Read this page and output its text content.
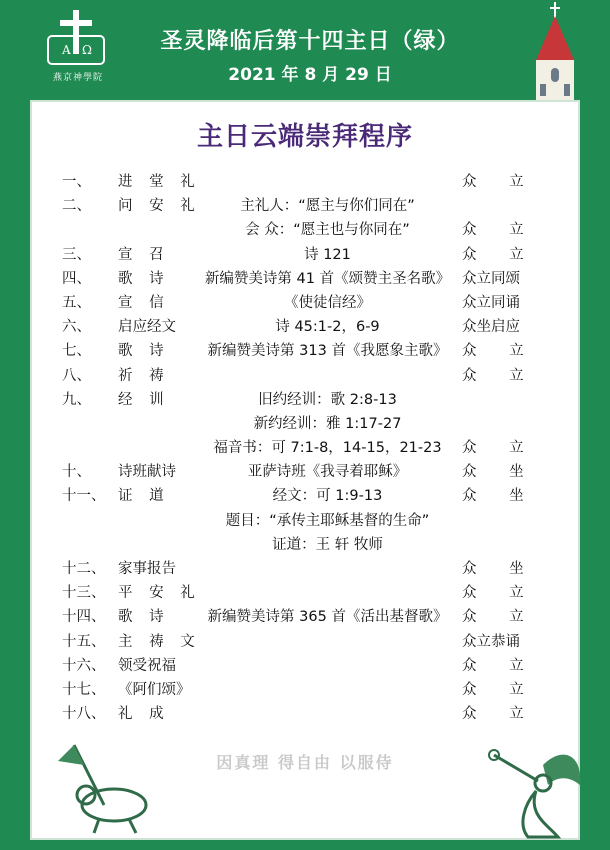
A Ω
燕京神學院
圣灵降临后第十四主日（绿）
2021 年 8 月 29 日
主日云端崇拜程序
一、 进 堂 礼	众 立
二、 问 安 礼	主礼人：“愿主与你们同在”
会 众：“愿主也与你同在”	众 立
三、 宣 召	诗 121	众 立
四、 歌 诗	新编赞美诗第 41 首《颂赞主圣名歌》 众立同颂
五、 宣 信	《使徒信经》	众立同诵
六、 启应经文	诗 45:1-2，6-9	众坐启应
七、 歌 诗	新编赞美诗第 313 首《我愿象主歌》	众 立
八、 祈 祷	众 立
九、 经 训	旧约经训：歌 2:8-13
新约经训：雅 1:17-27
福音书：可 7:1-8，14-15，21-23	众 立
十、 诗班献诗	亚萨诗班《我寻着耶稣》	众 坐
十一、 证 道	经文：可 1:9-13	众 坐
题目：“承传主耶稣基督的生命”
证道：王 轩 牧师
十二、 家事报告	众 坐
十三、 平 安 礼	众 立
十四、 歌 诗	新编赞美诗第 365 首《活出基督歌》	众 立
十五、 主 祷 文	众立恭诵
十六、 领受祝福	众 立
十七、 《阿们颂》	众 立
十八、 礼 成	众 立
因真理 得自由 以服侍
